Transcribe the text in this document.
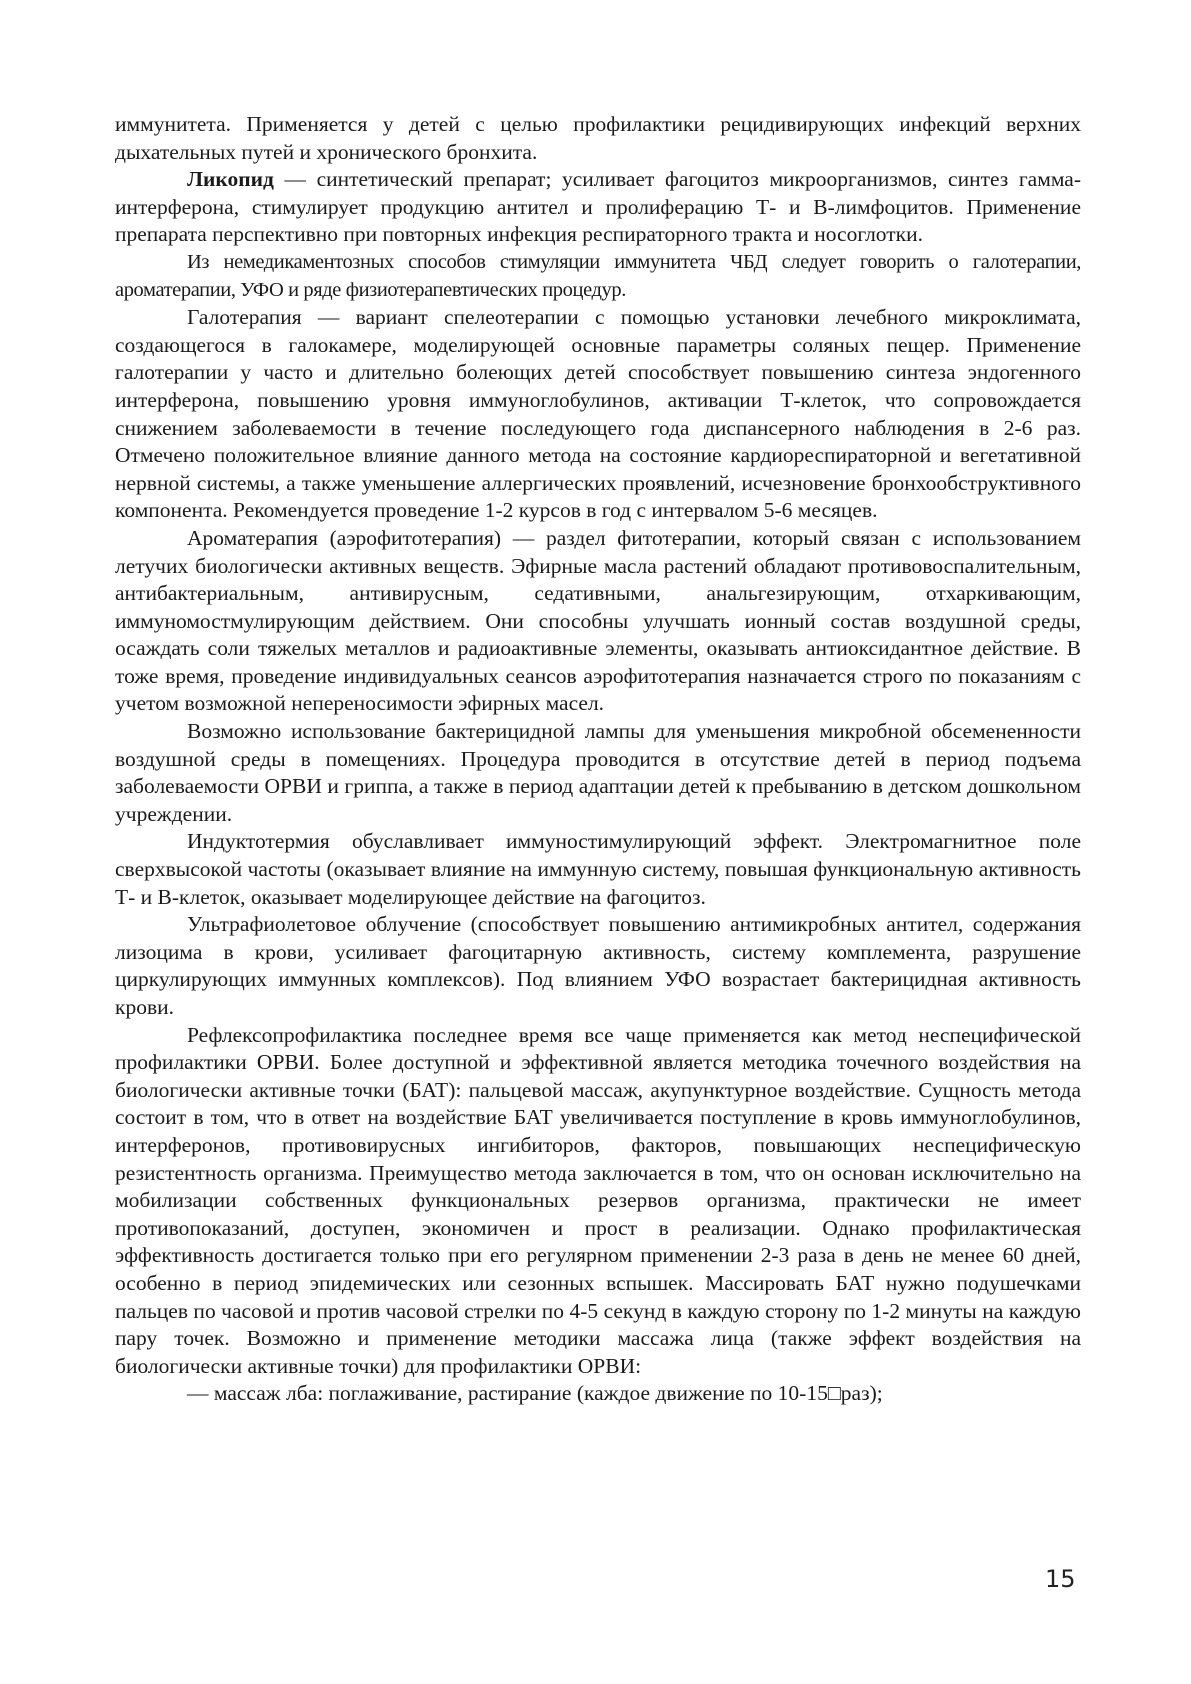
иммунитета. Применяется у детей с целью профилактики рецидивирующих инфекций верхних дыхательных путей и хронического бронхита.

Ликопид — синтетический препарат; усиливает фагоцитоз микроорганизмов, синтез гамма-интерферона, стимулирует продукцию антител и пролиферацию Т- и В-лимфоцитов. Применение препарата перспективно при повторных инфекция респираторного тракта и носоглотки.

Из немедикаментозных способов стимуляции иммунитета ЧБД следует говорить о галотерапии, ароматерапии, УФО и ряде физиотерапевтических процедур.

Галотерапия — вариант спелеотерапии с помощью установки лечебного микроклимата, создающегося в галокамере, моделирующей основные параметры соляных пещер. Применение галотерапии у часто и длительно болеющих детей способствует повышению синтеза эндогенного интерферона, повышению уровня иммуноглобулинов, активации Т-клеток, что сопровождается снижением заболеваемости в течение последующего года диспансерного наблюдения в 2-6 раз. Отмечено положительное влияние данного метода на состояние кардиореспираторной и вегетативной нервной системы, а также уменьшение аллергических проявлений, исчезновение бронхообструктивного компонента. Рекомендуется проведение 1-2 курсов в год с интервалом 5-6 месяцев.

Ароматерапия (аэрофитотерапия) — раздел фитотерапии, который связан с использованием летучих биологически активных веществ. Эфирные масла растений обладают противовоспалительным, антибактериальным, антивирусным, седативными, анальгезирующим, отхаркивающим, иммуномостмулирующим действием. Они способны улучшать ионный состав воздушной среды, осаждать соли тяжелых металлов и радиоактивные элементы, оказывать антиоксидантное действие. В тоже время, проведение индивидуальных сеансов аэрофитотерапия назначается строго по показаниям с учетом возможной непереносимости эфирных масел.

Возможно использование бактерицидной лампы для уменьшения микробной обсемененности воздушной среды в помещениях. Процедура проводится в отсутствие детей в период подъема заболеваемости ОРВИ и гриппа, а также в период адаптации детей к пребыванию в детском дошкольном учреждении.

Индуктотермия обуславливает иммуностимулирующий эффект. Электромагнитное поле сверхвысокой частоты (оказывает влияние на иммунную систему, повышая функциональную активность Т- и В-клеток, оказывает моделирующее действие на фагоцитоз.

Ультрафиолетовое облучение (способствует повышению антимикробных антител, содержания лизоцима в крови, усиливает фагоцитарную активность, систему комплемента, разрушение циркулирующих иммунных комплексов). Под влиянием УФО возрастает бактерицидная активность крови.

Рефлексопрофилактика последнее время все чаще применяется как метод неспецифической профилактики ОРВИ. Более доступной и эффективной является методика точечного воздействия на биологически активные точки (БАТ): пальцевой массаж, акупунктурное воздействие. Сущность метода состоит в том, что в ответ на воздействие БАТ увеличивается поступление в кровь иммуноглобулинов, интерферонов, противовирусных ингибиторов, факторов, повышающих неспецифическую резистентность организма. Преимущество метода заключается в том, что он основан исключительно на мобилизации собственных функциональных резервов организма, практически не имеет противопоказаний, доступен, экономичен и прост в реализации. Однако профилактическая эффективность достигается только при его регулярном применении 2-3 раза в день не менее 60 дней, особенно в период эпидемических или сезонных вспышек. Массировать БАТ нужно подушечками пальцев по часовой и против часовой стрелки по 4-5 секунд в каждую сторону по 1-2 минуты на каждую пару точек. Возможно и применение методики массажа лица (также эффект воздействия на биологически активные точки) для профилактики ОРВИ:

— массаж лба: поглаживание, растирание (каждое движение по 10-15□раз);

15
